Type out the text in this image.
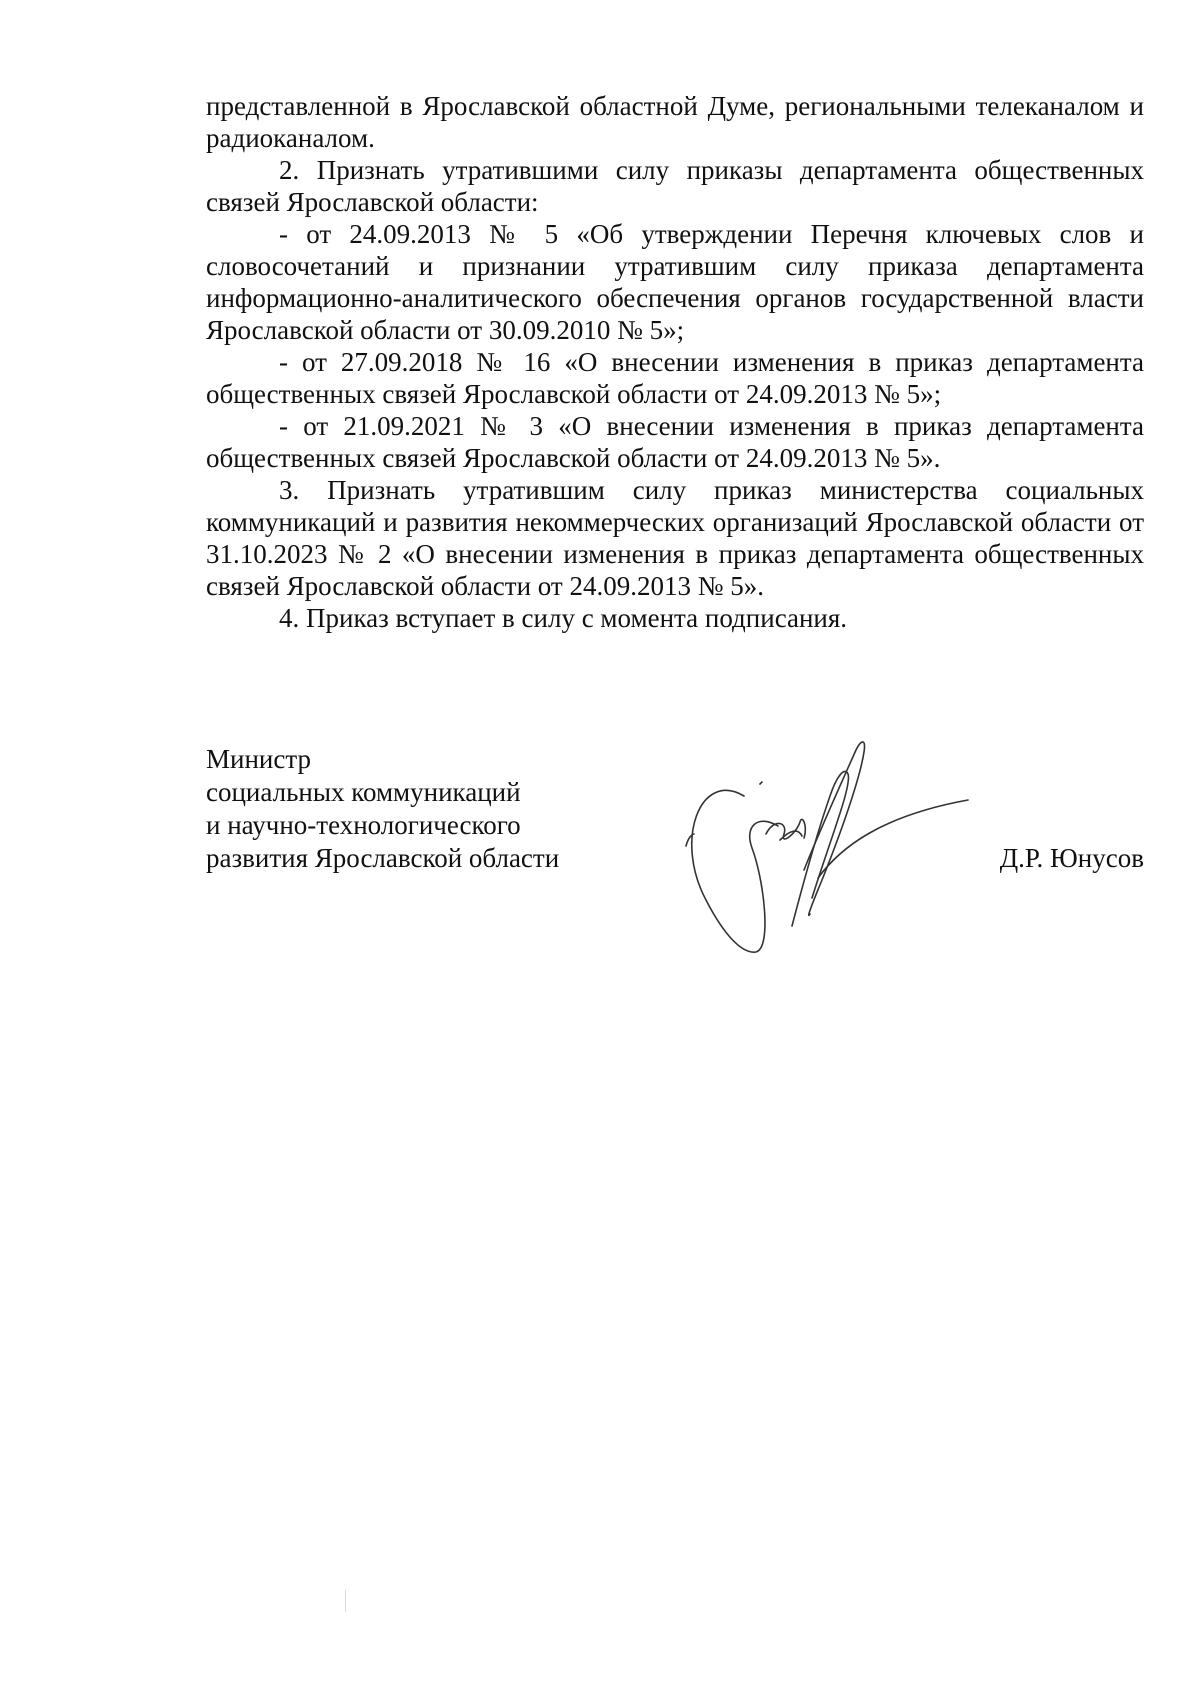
представленной в Ярославской областной Думе, региональными телеканалом и радиоканалом.

2. Признать утратившими силу приказы департамента общественных связей Ярославской области:

- от 24.09.2013 № 5 «Об утверждении Перечня ключевых слов и словосочетаний и признании утратившим силу приказа департамента информационно-аналитического обеспечения органов государственной власти Ярославской области от 30.09.2010 № 5»;

- от 27.09.2018 № 16 «О внесении изменения в приказ департамента общественных связей Ярославской области от 24.09.2013 № 5»;

- от 21.09.2021 № 3 «О внесении изменения в приказ департамента общественных связей Ярославской области от 24.09.2013 № 5».

3. Признать утратившим силу приказ министерства социальных коммуникаций и развития некоммерческих организаций Ярославской области от 31.10.2023 № 2 «О внесении изменения в приказ департамента общественных связей Ярославской области от 24.09.2013 № 5».

4. Приказ вступает в силу с момента подписания.

Министр
социальных коммуникаций
и научно-технологического
развития Ярославской области	Д.Р. Юнусов
